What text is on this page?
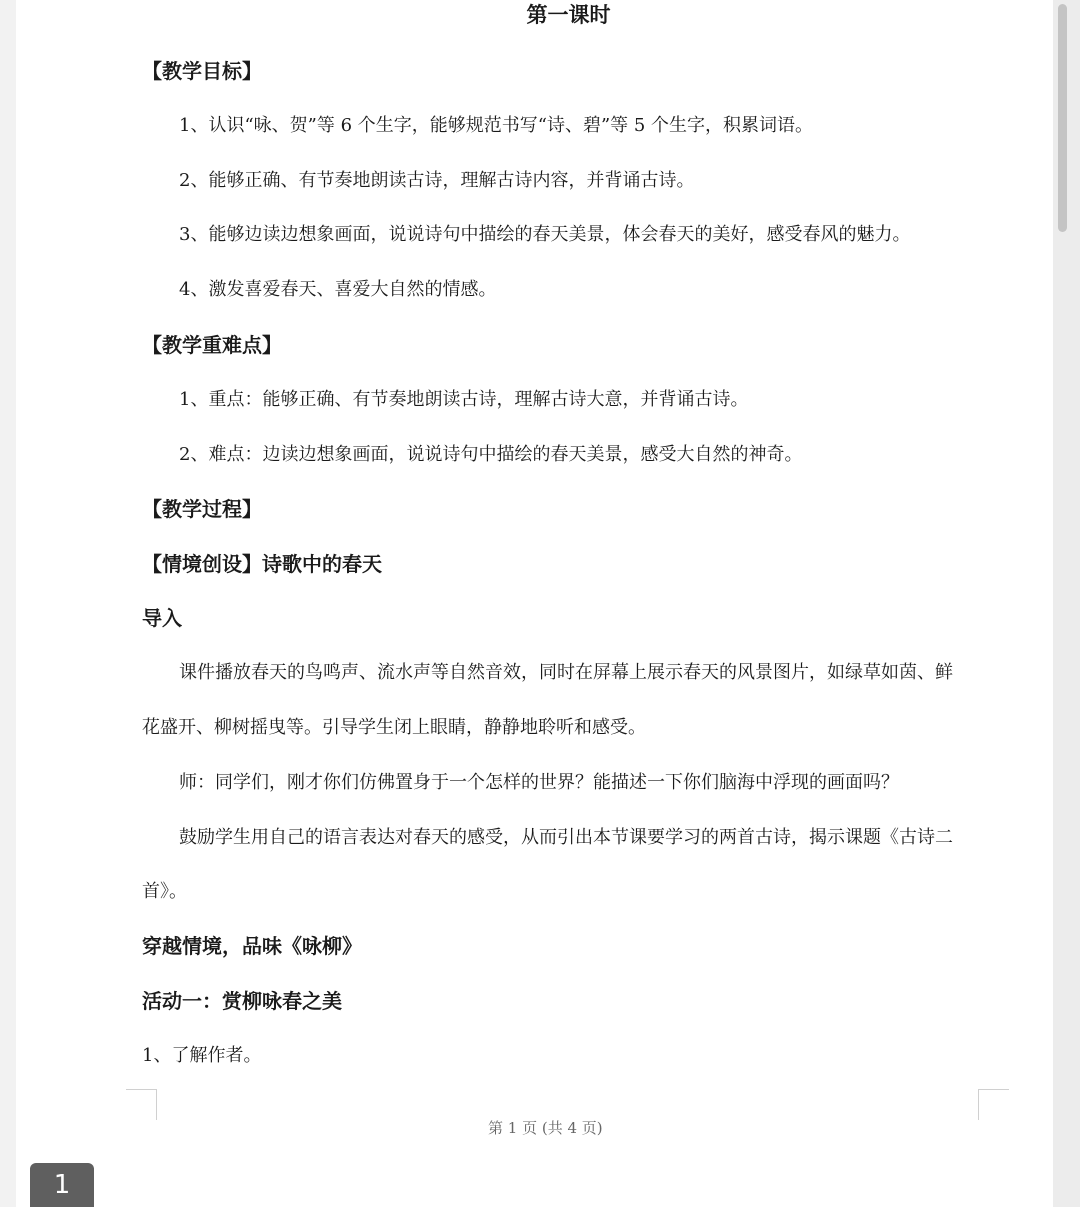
第一课时
【教学目标】
1、认识“咏、贺”等 6 个生字，能够规范书写“诗、碧”等 5 个生字，积累词语。
2、能够正确、有节奏地朗读古诗，理解古诗内容，并背诵古诗。
3、能够边读边想象画面，说说诗句中描绘的春天美景，体会春天的美好，感受春风的魅力。
4、激发喜爱春天、喜爱大自然的情感。
【教学重难点】
1、重点：能够正确、有节奏地朗读古诗，理解古诗大意，并背诵古诗。
2、难点：边读边想象画面，说说诗句中描绘的春天美景，感受大自然的神奇。
【教学过程】
【情境创设】诗歌中的春天
导入
课件播放春天的鸟鸣声、流水声等自然音效，同时在屏幕上展示春天的风景图片，如绿草如茵、鲜
花盛开、柳树摇曳等。引导学生闭上眼睛，静静地聆听和感受。
师：同学们，刚才你们仿佛置身于一个怎样的世界？能描述一下你们脑海中浮现的画面吗？
鼓励学生用自己的语言表达对春天的感受，从而引出本节课要学习的两首古诗，揭示课题《古诗二
首》。
穿越情境，品味《咏柳》
活动一：赏柳咏春之美
1、了解作者。
第 1 页 (共 4 页)
1
